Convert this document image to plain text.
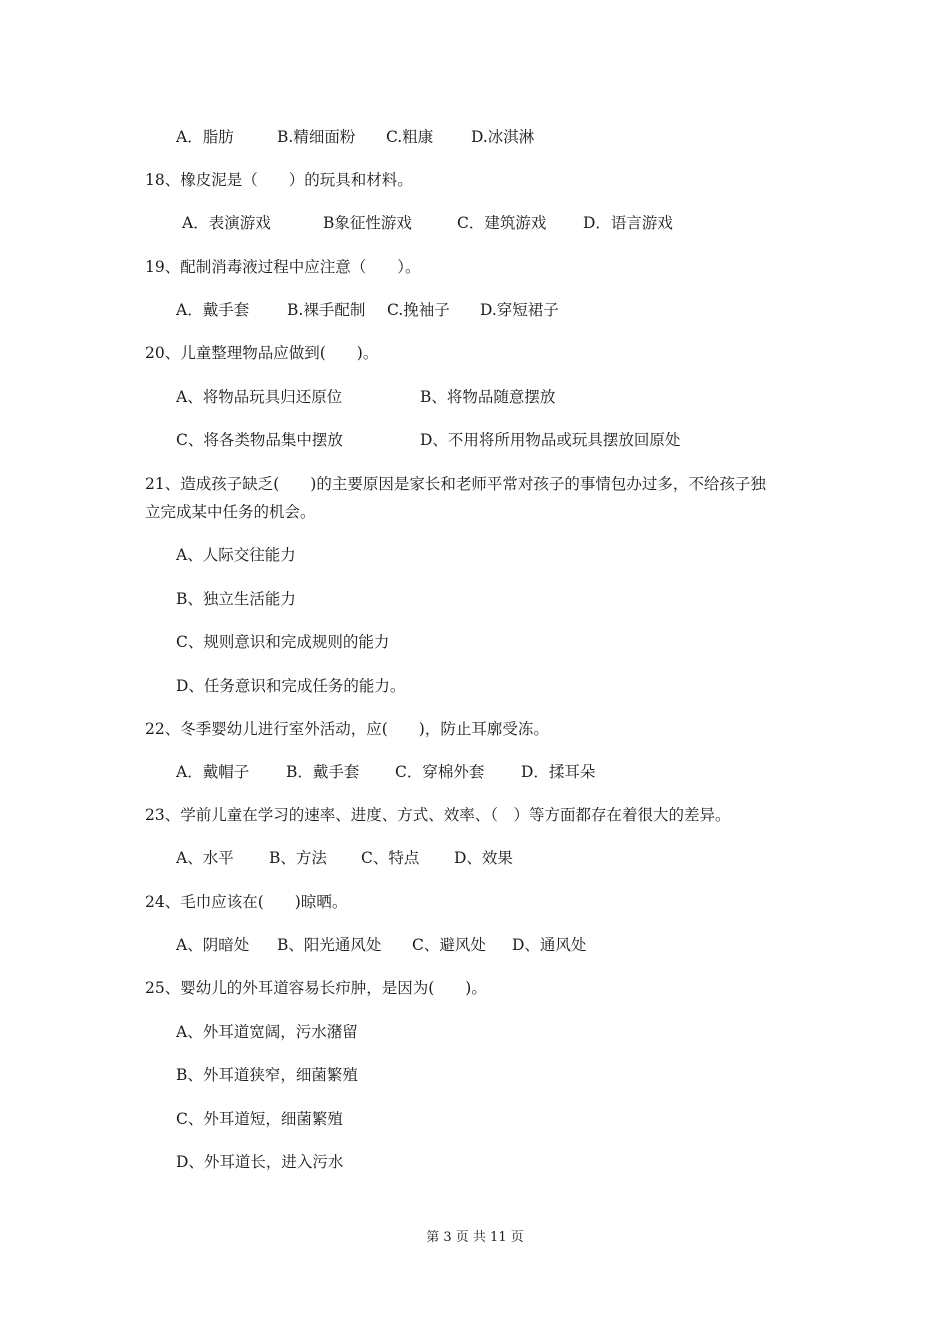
A．脂肪	B.精细面粉 C.粗康 D.冰淇淋
18、橡皮泥是（　　）的玩具和材料。
A．表演游戏	B象征性游戏	C．建筑游戏 D．语言游戏
19、配制消毒液过程中应注意（　　）。
A．戴手套 B.裸手配制 C.挽袖子 D.穿短裙子
20、儿童整理物品应做到(　　)。
A、将物品玩具归还原位	B、将物品随意摆放
C、将各类物品集中摆放	D、不用将所用物品或玩具摆放回原处
21、造成孩子缺乏(　　)的主要原因是家长和老师平常对孩子的事情包办过多，不给孩子独
立完成某中任务的机会。
A、人际交往能力
B、独立生活能力
C、规则意识和完成规则的能力
D、任务意识和完成任务的能力。
22、冬季婴幼儿进行室外活动，应(　　)，防止耳廓受冻。
A．戴帽子 B．戴手套 C．穿棉外套 D．揉耳朵
23、学前儿童在学习的速率、进度、方式、效率、（　）等方面都存在着很大的差异。
A、水平 B、方法 C、特点 D、效果
24、毛巾应该在(　　)晾晒。
A、阴暗处 B、阳光通风处 C、避风处 D、通风处
25、婴幼儿的外耳道容易长疖肿，是因为(　　)。
A、外耳道宽阔，污水潴留
B、外耳道狭窄，细菌繁殖
C、外耳道短，细菌繁殖
D、外耳道长，进入污水
第 3 页 共 11 页
